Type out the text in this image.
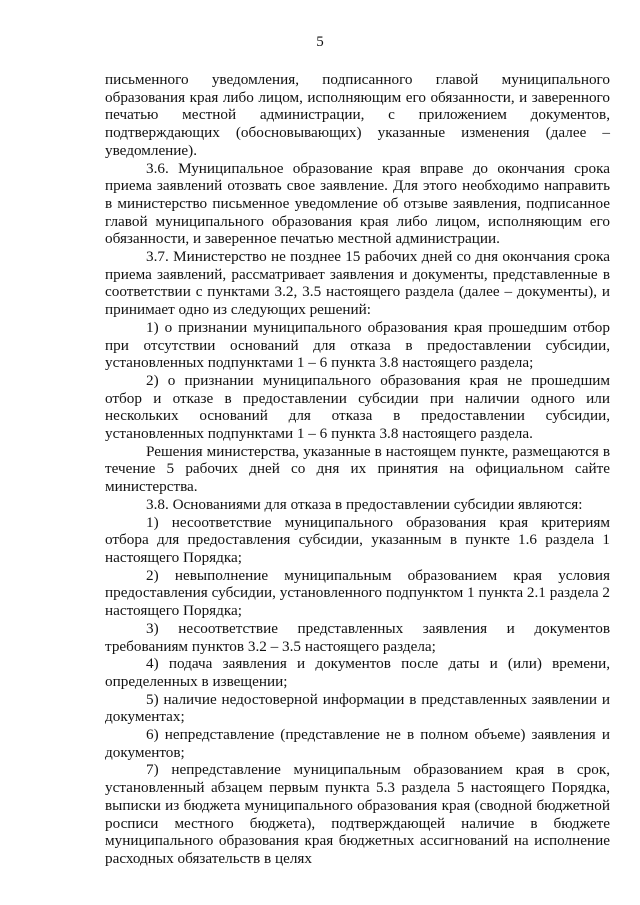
5

письменного уведомления, подписанного главой муниципального образования края либо лицом, исполняющим его обязанности, и заверенного печатью местной администрации, с приложением документов, подтверждающих (обосновывающих) указанные изменения (далее – уведомление).

3.6. Муниципальное образование края вправе до окончания срока приема заявлений отозвать свое заявление. Для этого необходимо направить в министерство письменное уведомление об отзыве заявления, подписанное главой муниципального образования края либо лицом, исполняющим его обязанности, и заверенное печатью местной администрации.

3.7. Министерство не позднее 15 рабочих дней со дня окончания срока приема заявлений, рассматривает заявления и документы, представленные в соответствии с пунктами 3.2, 3.5 настоящего раздела (далее – документы), и принимает одно из следующих решений:

1) о признании муниципального образования края прошедшим отбор при отсутствии оснований для отказа в предоставлении субсидии, установленных подпунктами 1 – 6 пункта 3.8 настоящего раздела;

2) о признании муниципального образования края не прошедшим отбор и отказе в предоставлении субсидии при наличии одного или нескольких оснований для отказа в предоставлении субсидии, установленных подпунктами 1 – 6 пункта 3.8 настоящего раздела.

Решения министерства, указанные в настоящем пункте, размещаются в течение 5 рабочих дней со дня их принятия на официальном сайте министерства.

3.8. Основаниями для отказа в предоставлении субсидии являются:

1) несоответствие муниципального образования края критериям отбора для предоставления субсидии, указанным в пункте 1.6 раздела 1 настоящего Порядка;

2) невыполнение муниципальным образованием края условия предоставления субсидии, установленного подпунктом 1 пункта 2.1 раздела 2 настоящего Порядка;

3) несоответствие представленных заявления и документов требованиям пунктов 3.2 – 3.5 настоящего раздела;

4) подача заявления и документов после даты и (или) времени, определенных в извещении;

5) наличие недостоверной информации в представленных заявлении и документах;

6) непредставление (представление не в полном объеме) заявления и документов;

7) непредставление муниципальным образованием края в срок, установленный абзацем первым пункта 5.3 раздела 5 настоящего Порядка, выписки из бюджета муниципального образования края (сводной бюджетной росписи местного бюджета), подтверждающей наличие в бюджете муниципального образования края бюджетных ассигнований на исполнение расходных обязательств в целях
